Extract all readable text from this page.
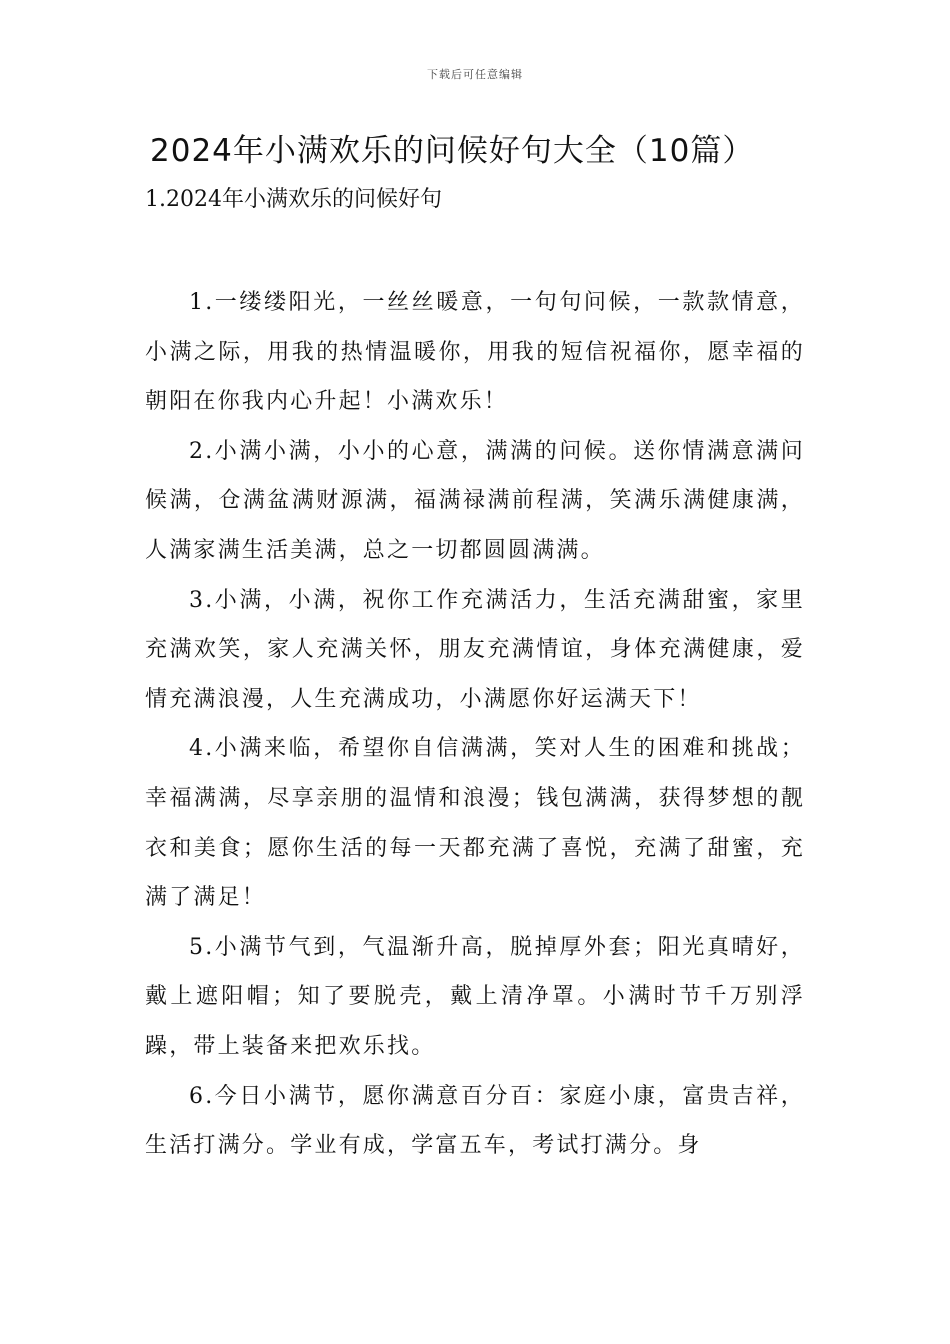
下载后可任意编辑
2024年小满欢乐的问候好句大全（10篇）
1.2024年小满欢乐的问候好句

1.一缕缕阳光，一丝丝暖意，一句句问候，一款款情意，小满之际，用我的热情温暖你，用我的短信祝福你，愿幸福的朝阳在你我内心升起！小满欢乐！

2.小满小满，小小的心意，满满的问候。送你情满意满问候满，仓满盆满财源满，福满禄满前程满，笑满乐满健康满，人满家满生活美满，总之一切都圆圆满满。

3.小满，小满，祝你工作充满活力，生活充满甜蜜，家里充满欢笑，家人充满关怀，朋友充满情谊，身体充满健康，爱情充满浪漫，人生充满成功，小满愿你好运满天下！

4.小满来临，希望你自信满满，笑对人生的困难和挑战；幸福满满，尽享亲朋的温情和浪漫；钱包满满，获得梦想的靓衣和美食；愿你生活的每一天都充满了喜悦，充满了甜蜜，充满了满足！

5.小满节气到，气温渐升高，脱掉厚外套；阳光真晴好，戴上遮阳帽；知了要脱壳，戴上清净罩。小满时节千万别浮躁，带上装备来把欢乐找。

6.今日小满节，愿你满意百分百：家庭小康，富贵吉祥，生活打满分。学业有成，学富五车，考试打满分。身
